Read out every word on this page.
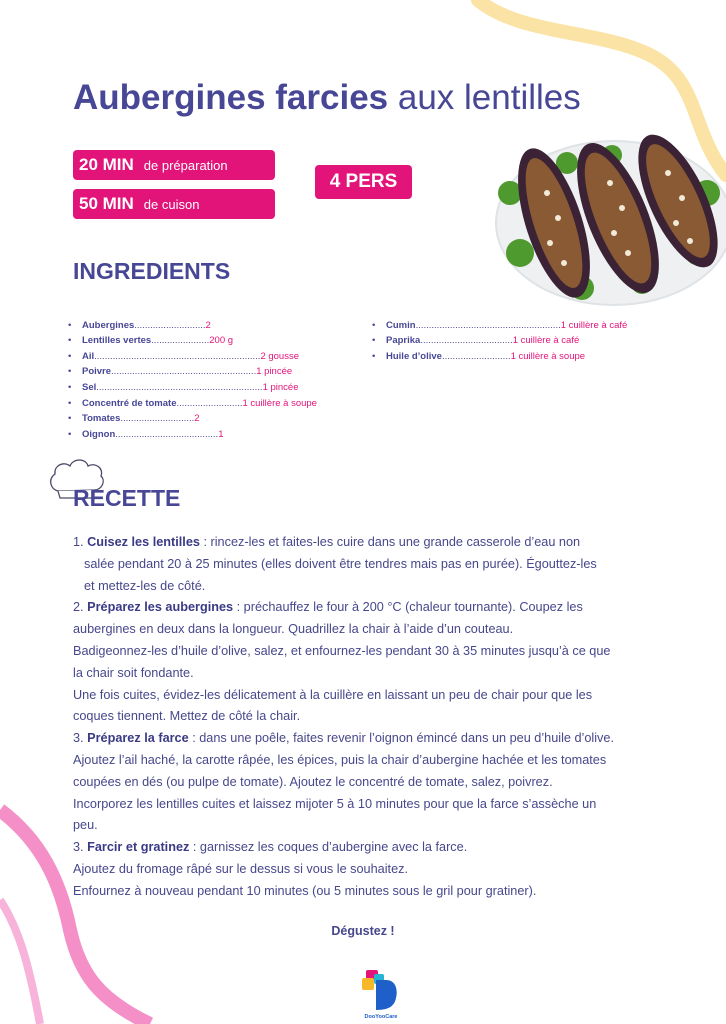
Aubergines farcies aux lentilles
20 MIN de préparation
50 MIN de cuison
4 PERS
INGREDIENTS
• Aubergines ........................... 2
• Lentilles vertes ...................... 200 g
• Ail ............................................................... 2 gousse
• Poivre ....................................................... 1 pincée
• Sel ............................................................... 1 pincée
• Concentré de tomate ......................... 1 cuillère à soupe
• Tomates ............................ 2
• Oignon ....................................... 1
• Cumin ....................................................... 1 cuillère à café
• Paprika ................................... 1 cuillère à café
• Huile d’olive .......................... 1 cuillère à soupe
RECETTE

1. Cuisez les lentilles : rincez-les et faites-les cuire dans une grande casserole d’eau non

salée pendant 20 à 25 minutes (elles doivent être tendres mais pas en purée). Égouttez-les

et mettez-les de côté.

2. Préparez les aubergines : préchauffez le four à 200 °C (chaleur tournante). Coupez les

aubergines en deux dans la longueur. Quadrillez la chair à l’aide d’un couteau.

Badigeonnez-les d’huile d’olive, salez, et enfournez-les pendant 30 à 35 minutes jusqu’à ce que

la chair soit fondante.

Une fois cuites, évidez-les délicatement à la cuillère en laissant un peu de chair pour que les

coques tiennent. Mettez de côté la chair.

3. Préparez la farce : dans une poêle, faites revenir l’oignon émincé dans un peu d’huile d’olive.

Ajoutez l’ail haché, la carotte râpée, les épices, puis la chair d’aubergine hachée et les tomates

coupées en dés (ou pulpe de tomate). Ajoutez le concentré de tomate, salez, poivrez.

Incorporez les lentilles cuites et laissez mijoter 5 à 10 minutes pour que la farce s’assèche un

peu.

3. Farcir et gratinez : garnissez les coques d’aubergine avec la farce.

Ajoutez du fromage râpé sur le dessus si vous le souhaitez.

Enfournez à nouveau pendant 10 minutes (ou 5 minutes sous le gril pour gratiner).

Dégustez !
DooYooCare
